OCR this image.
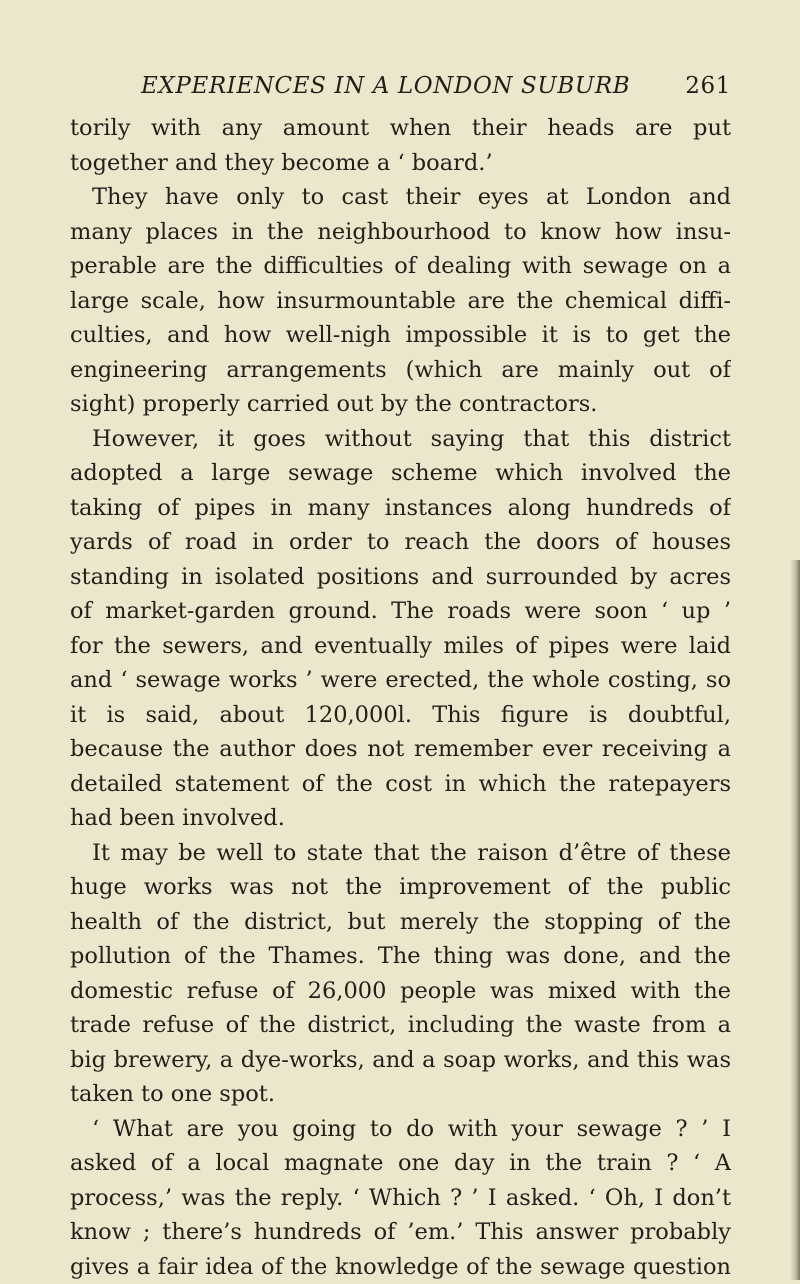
EXPERIENCES IN A LONDON SUBURB 261
torily with any amount when their heads are put
together and they become a ‘ board.’
They have only to cast their eyes at London and
many places in the neighbourhood to know how insu-
perable are the difficulties of dealing with sewage on a
large scale, how insurmountable are the chemical diffi-
culties, and how well-nigh impossible it is to get the
engineering arrangements (which are mainly out of
sight) properly carried out by the contractors.
However, it goes without saying that this district
adopted a large sewage scheme which involved the
taking of pipes in many instances along hundreds of
yards of road in order to reach the doors of houses
standing in isolated positions and surrounded by acres
of market-garden ground. The roads were soon ‘ up ’
for the sewers, and eventually miles of pipes were laid
and ‘ sewage works ’ were erected, the whole costing, so
it is said, about 120,000l. This figure is doubtful,
because the author does not remember ever receiving a
detailed statement of the cost in which the ratepayers
had been involved.
It may be well to state that the raison d’être of these
huge works was not the improvement of the public
health of the district, but merely the stopping of the
pollution of the Thames. The thing was done, and the
domestic refuse of 26,000 people was mixed with the
trade refuse of the district, including the waste from a
big brewery, a dye-works, and a soap works, and this was
taken to one spot.
‘ What are you going to do with your sewage ? ’ I
asked of a local magnate one day in the train ? ‘ A
process,’ was the reply. ‘ Which ? ’ I asked. ‘ Oh, I don’t
know ; there’s hundreds of ’em.’ This answer probably
gives a fair idea of the knowledge of the sewage question
